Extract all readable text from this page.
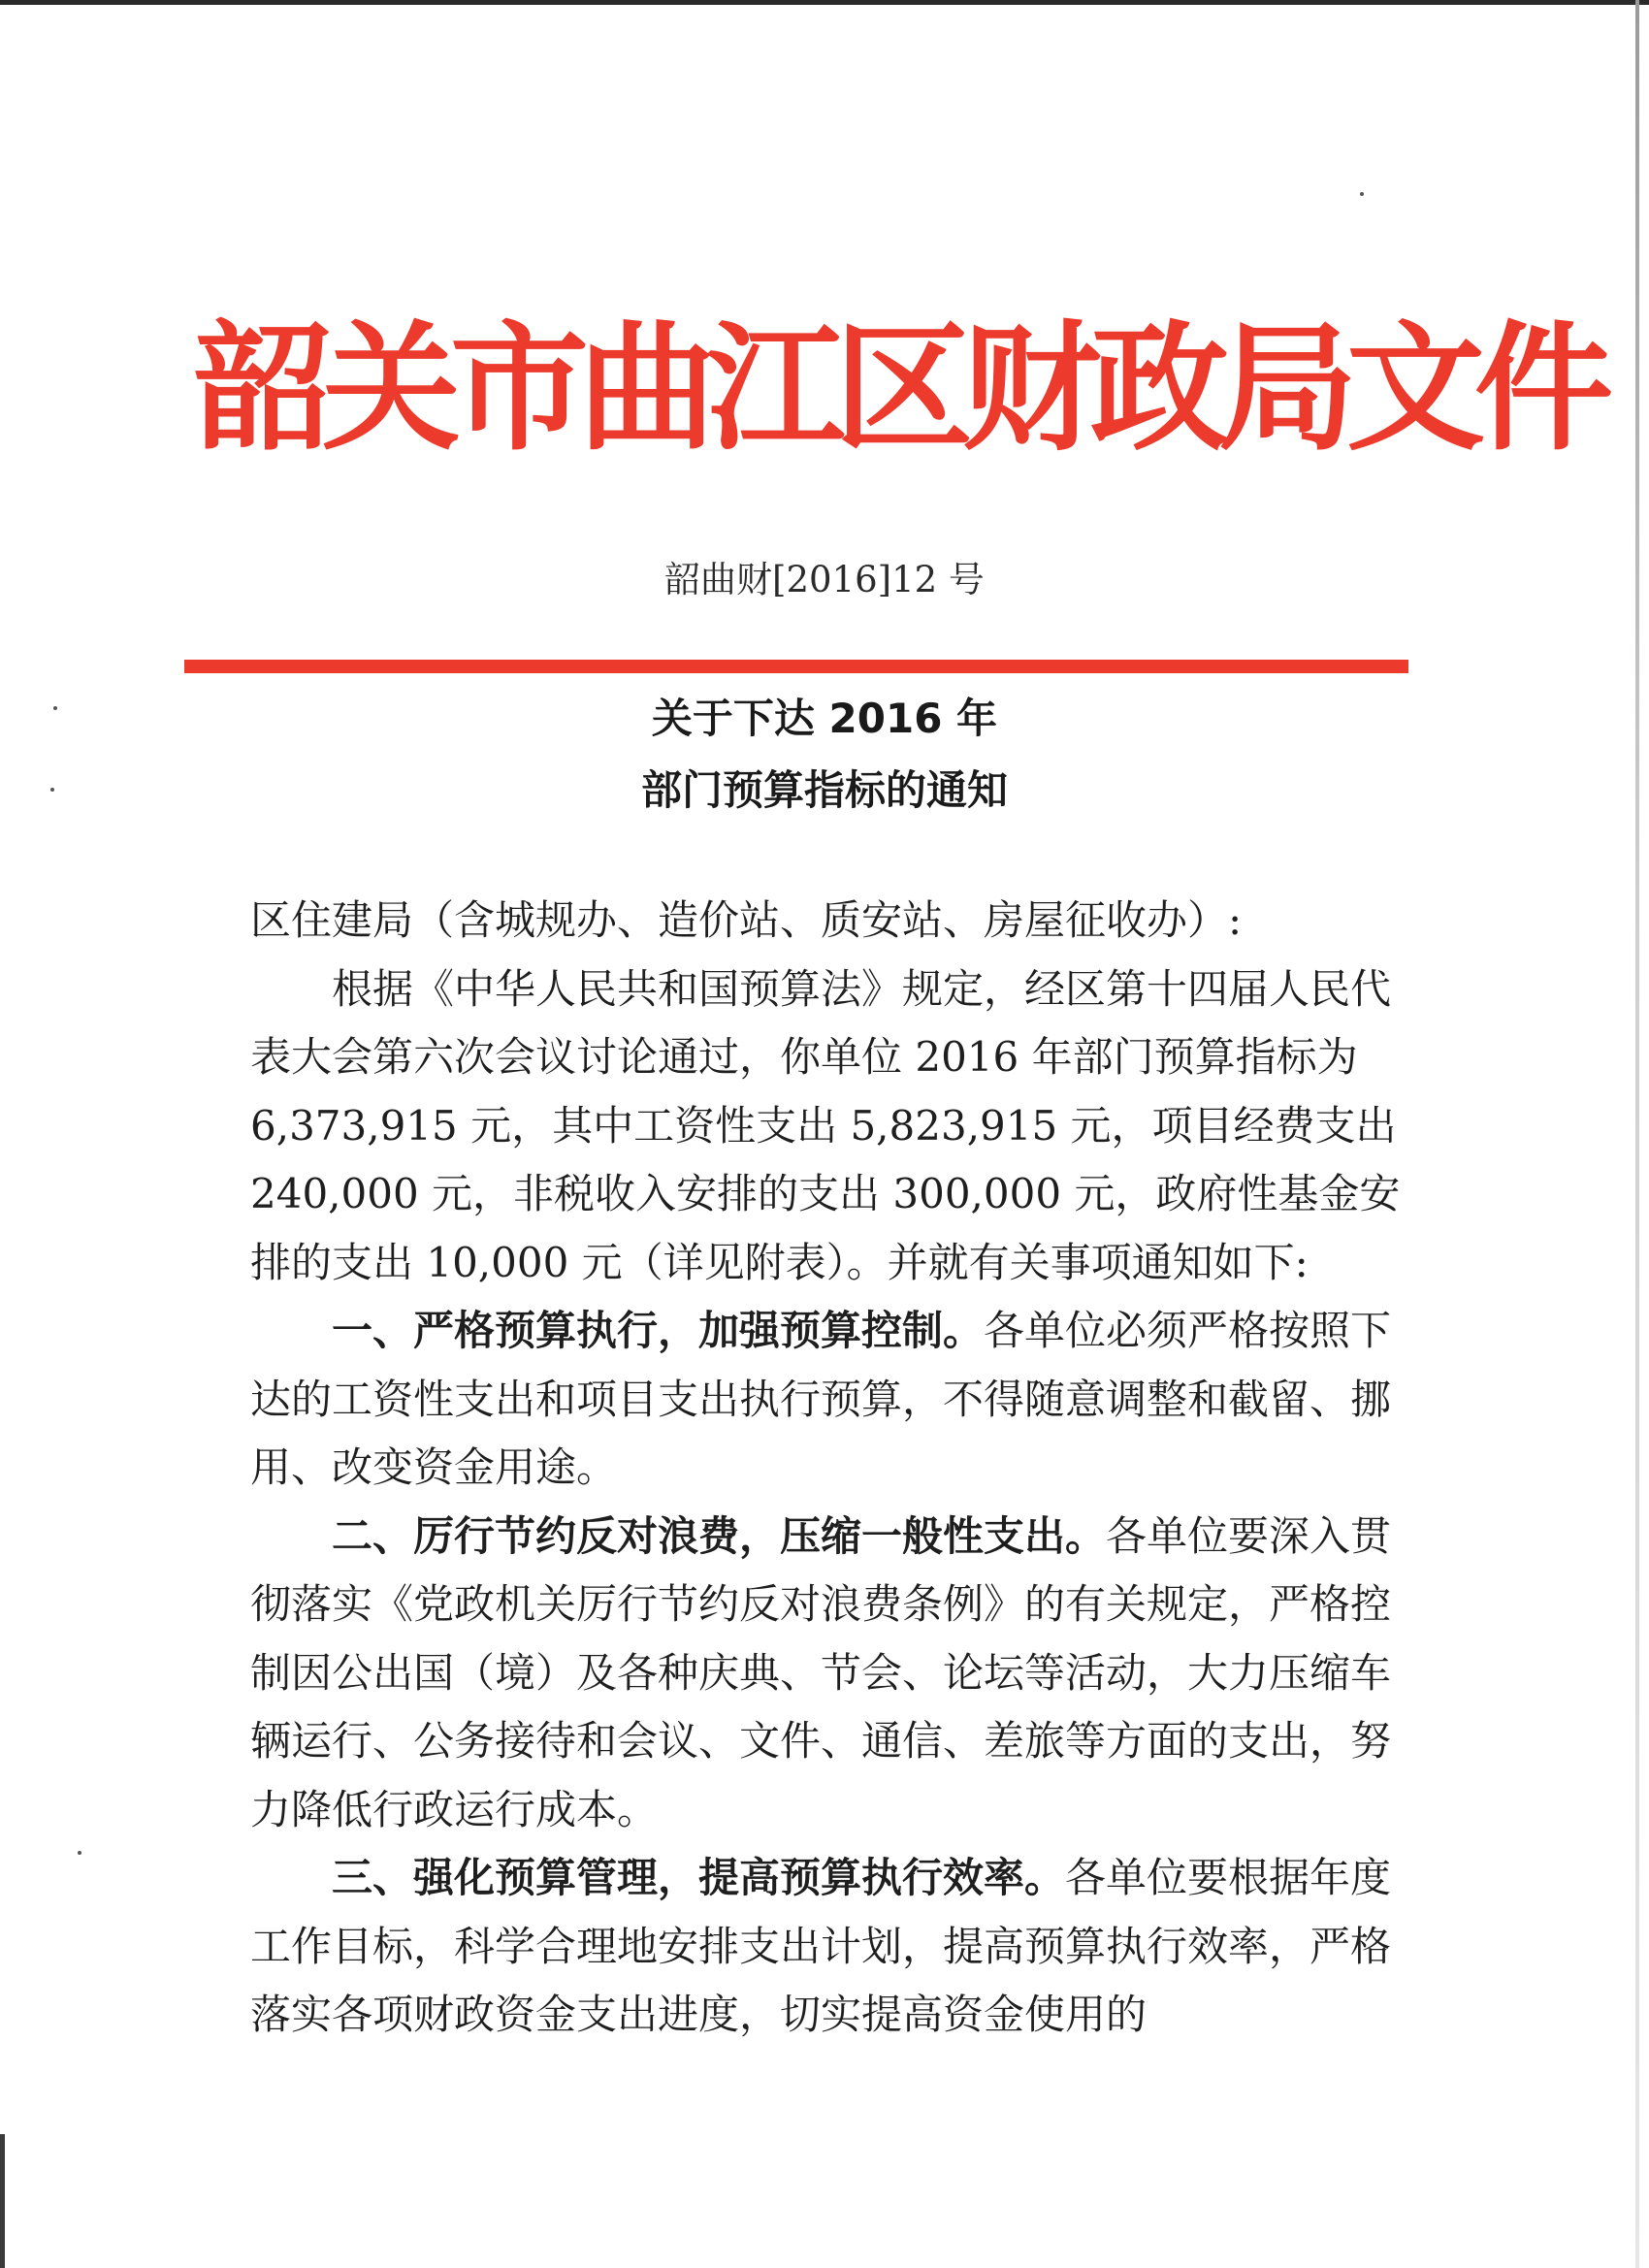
韶关市曲江区财政局文件
韶曲财[2016]12 号
关于下达 2016 年
部门预算指标的通知

区住建局（含城规办、造价站、质安站、房屋征收办）:

根据《中华人民共和国预算法》规定，经区第十四届人民代表大会第六次会议讨论通过，你单位 2016 年部门预算指标为 6,373,915 元，其中工资性支出 5,823,915 元，项目经费支出 240,000 元，非税收入安排的支出 300,000 元，政府性基金安排的支出 10,000 元（详见附表）。并就有关事项通知如下:

一、严格预算执行，加强预算控制。各单位必须严格按照下达的工资性支出和项目支出执行预算，不得随意调整和截留、挪用、改变资金用途。

二、厉行节约反对浪费，压缩一般性支出。各单位要深入贯彻落实《党政机关厉行节约反对浪费条例》的有关规定，严格控制因公出国（境）及各种庆典、节会、论坛等活动，大力压缩车辆运行、公务接待和会议、文件、通信、差旅等方面的支出，努力降低行政运行成本。

三、强化预算管理，提高预算执行效率。各单位要根据年度工作目标，科学合理地安排支出计划，提高预算执行效率，严格落实各项财政资金支出进度，切实提高资金使用的
